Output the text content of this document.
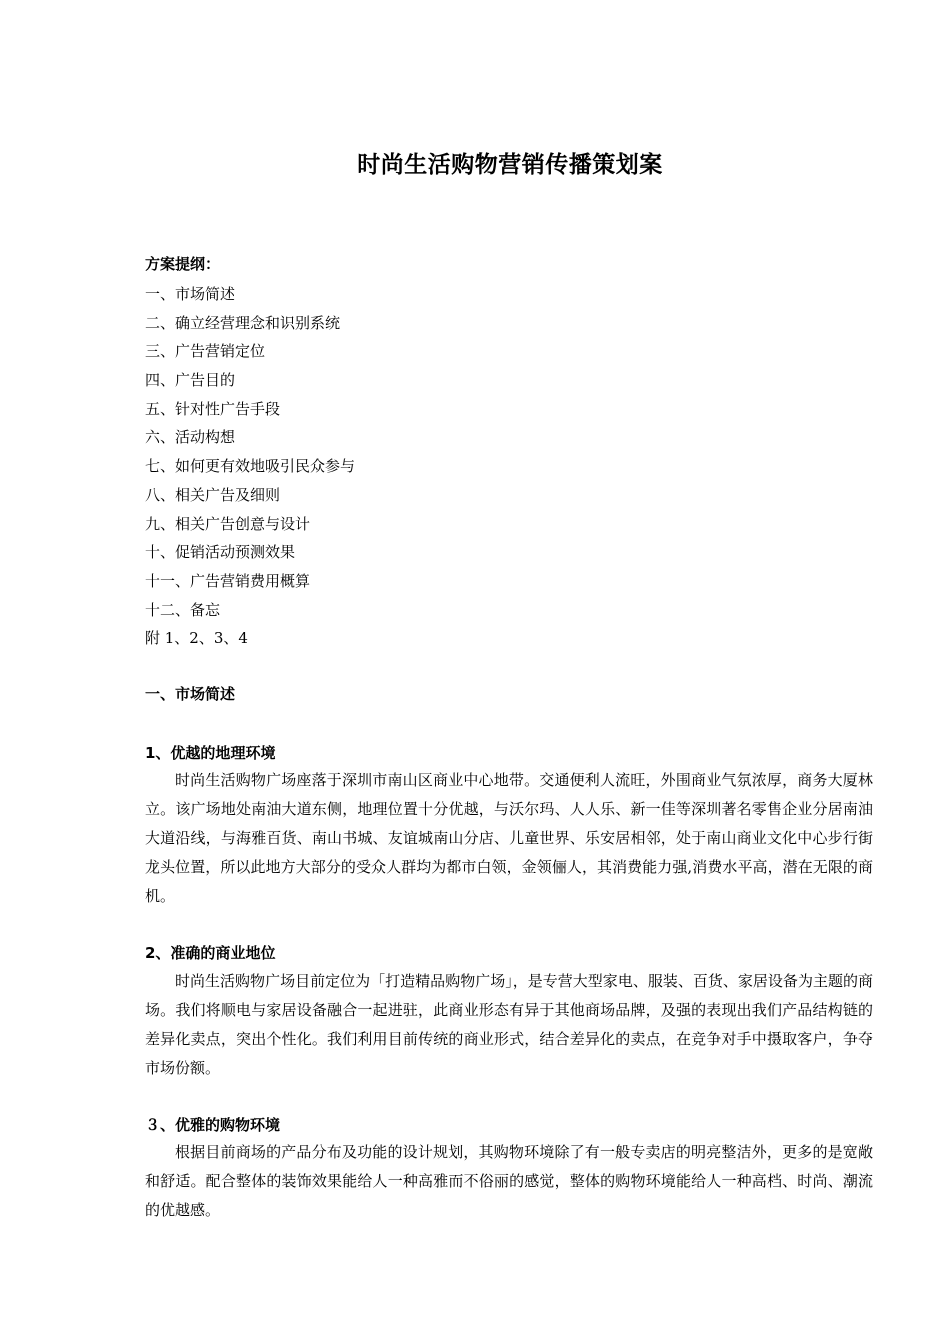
时尚生活购物营销传播策划案
方案提纲：
一、市场简述
二、确立经营理念和识别系统
三、广告营销定位
四、广告目的
五、针对性广告手段
六、活动构想
七、如何更有效地吸引民众参与
八、相关广告及细则
九、相关广告创意与设计
十、促销活动预测效果
十一、广告营销费用概算
十二、备忘
附 1、2、3、4
一、市场简述
1、优越的地理环境

时尚生活购物广场座落于深圳市南山区商业中心地带。交通便利人流旺，外围商业气氛浓厚，商务大厦林立。该广场地处南油大道东侧，地理位置十分优越，与沃尔玛、人人乐、新一佳等深圳著名零售企业分居南油大道沿线，与海雅百货、南山书城、友谊城南山分店、儿童世界、乐安居相邻，处于南山商业文化中心步行街龙头位置，所以此地方大部分的受众人群均为都市白领，金领俪人，其消费能力强,消费水平高，潜在无限的商机。

2、准确的商业地位

时尚生活购物广场目前定位为「打造精品购物广场」，是专营大型家电、服装、百货、家居设备为主题的商场。我们将顺电与家居设备融合一起进驻，此商业形态有异于其他商场品牌，及强的表现出我们产品结构链的差异化卖点，突出个性化。我们利用目前传统的商业形式，结合差异化的卖点，在竞争对手中摄取客户，争夺市场份额。

３、优雅的购物环境

根据目前商场的产品分布及功能的设计规划，其购物环境除了有一般专卖店的明亮整洁外，更多的是宽敞和舒适。配合整体的装饰效果能给人一种高雅而不俗丽的感觉，整体的购物环境能给人一种高档、时尚、潮流的优越感。
